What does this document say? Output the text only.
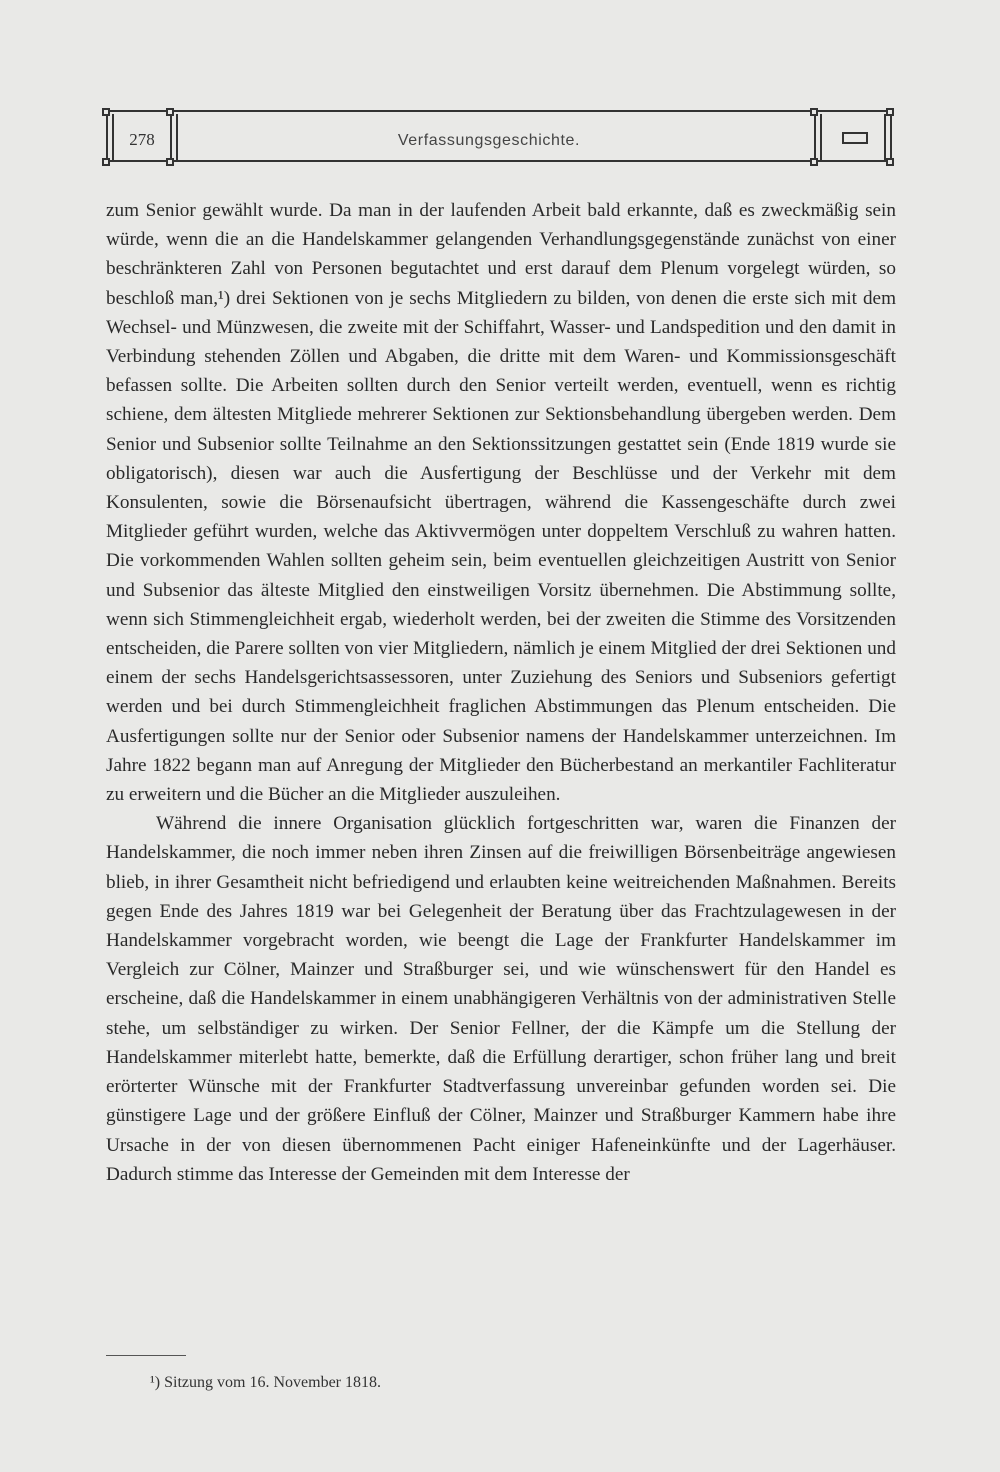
278	Verfassungsgeschichte.

zum Senior gewählt wurde. Da man in der laufenden Arbeit bald erkannte, daß es zweckmäßig sein würde, wenn die an die Handelskammer gelangenden Verhandlungsgegenstände zunächst von einer beschränkteren Zahl von Personen begutachtet und erst darauf dem Plenum vorgelegt würden, so beschloß man,¹) drei Sektionen von je sechs Mitgliedern zu bilden, von denen die erste sich mit dem Wechsel- und Münzwesen, die zweite mit der Schiffahrt, Wasser- und Landspedition und den damit in Verbindung stehenden Zöllen und Abgaben, die dritte mit dem Waren- und Kommissionsgeschäft befassen sollte. Die Arbeiten sollten durch den Senior verteilt werden, eventuell, wenn es richtig schiene, dem ältesten Mitgliede mehrerer Sektionen zur Sektionsbehandlung übergeben werden. Dem Senior und Subsenior sollte Teilnahme an den Sektionssitzungen gestattet sein (Ende 1819 wurde sie obligatorisch), diesen war auch die Ausfertigung der Beschlüsse und der Verkehr mit dem Konsulenten, sowie die Börsenaufsicht übertragen, während die Kassengeschäfte durch zwei Mitglieder geführt wurden, welche das Aktivvermögen unter doppeltem Verschluß zu wahren hatten. Die vorkommenden Wahlen sollten geheim sein, beim eventuellen gleichzeitigen Austritt von Senior und Subsenior das älteste Mitglied den einstweiligen Vorsitz übernehmen. Die Abstimmung sollte, wenn sich Stimmengleichheit ergab, wiederholt werden, bei der zweiten die Stimme des Vorsitzenden entscheiden, die Parere sollten von vier Mitgliedern, nämlich je einem Mitglied der drei Sektionen und einem der sechs Handelsgerichtsassessoren, unter Zuziehung des Seniors und Subseniors gefertigt werden und bei durch Stimmengleichheit fraglichen Abstimmungen das Plenum entscheiden. Die Ausfertigungen sollte nur der Senior oder Subsenior namens der Handelskammer unterzeichnen. Im Jahre 1822 begann man auf Anregung der Mitglieder den Bücherbestand an merkantiler Fachliteratur zu erweitern und die Bücher an die Mitglieder auszuleihen.

Während die innere Organisation glücklich fortgeschritten war, waren die Finanzen der Handelskammer, die noch immer neben ihren Zinsen auf die freiwilligen Börsenbeiträge angewiesen blieb, in ihrer Gesamtheit nicht befriedigend und erlaubten keine weitreichenden Maßnahmen. Bereits gegen Ende des Jahres 1819 war bei Gelegenheit der Beratung über das Frachtzulagewesen in der Handelskammer vorgebracht worden, wie beengt die Lage der Frankfurter Handelskammer im Vergleich zur Cölner, Mainzer und Straßburger sei, und wie wünschenswert für den Handel es erscheine, daß die Handelskammer in einem unabhängigeren Verhältnis von der administrativen Stelle stehe, um selbständiger zu wirken. Der Senior Fellner, der die Kämpfe um die Stellung der Handelskammer miterlebt hatte, bemerkte, daß die Erfüllung derartiger, schon früher lang und breit erörterter Wünsche mit der Frankfurter Stadtverfassung unvereinbar gefunden worden sei. Die günstigere Lage und der größere Einfluß der Cölner, Mainzer und Straßburger Kammern habe ihre Ursache in der von diesen übernommenen Pacht einiger Hafeneinkünfte und der Lagerhäuser. Dadurch stimme das Interesse der Gemeinden mit dem Interesse der

¹) Sitzung vom 16. November 1818.
